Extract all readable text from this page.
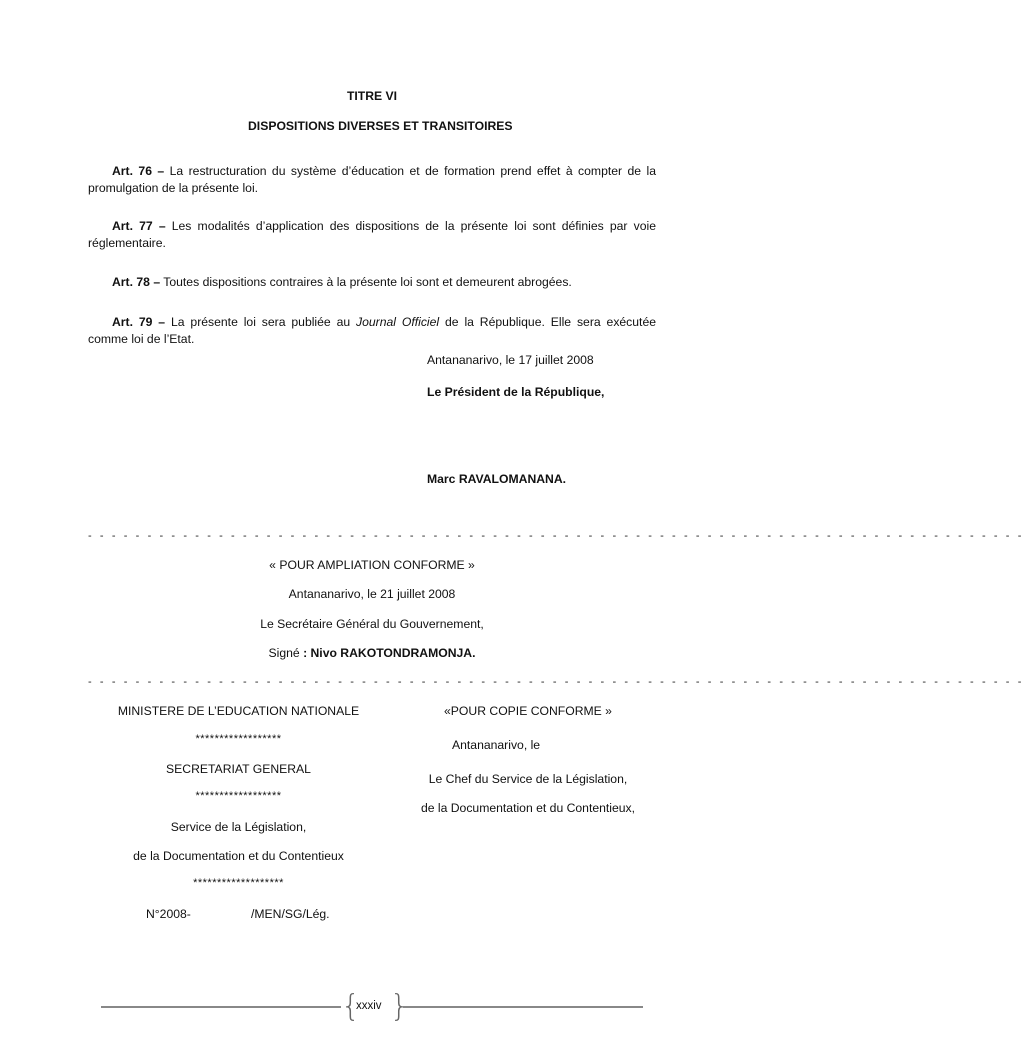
TITRE VI
DISPOSITIONS DIVERSES ET TRANSITOIRES
Art. 76 – La restructuration du système d’éducation et de formation prend effet à compter de la promulgation de la présente loi.
Art. 77 – Les modalités d’application des dispositions de la présente loi sont définies par voie réglementaire.
Art. 78 – Toutes dispositions contraires à la présente loi sont et demeurent abrogées.
Art. 79 – La présente loi sera publiée au Journal Officiel de la République. Elle sera exécutée comme loi de l’Etat.
Antananarivo, le 17 juillet 2008
Le Président de la République,
Marc RAVALOMANANA.
- - - - - - - - - - - - - - - - - - - - - - - - - - - - - - - - - - - - - - - - - - - - - - - - - - - - - - - - - - - - - - - - - - - - - - - - - - - - - - -
« POUR AMPLIATION CONFORME »
Antananarivo, le 21 juillet 2008
Le Secrétaire Général du Gouvernement,
Signé : Nivo RAKOTONDRAMONJA.
- - - - - - - - - - - - - - - - - - - - - - - - - - - - - - - - - - - - - - - - - - - - - - - - - - - - - - - - - - - - - - - - - - - - - - - - - - - - - - -
MINISTERE DE L’EDUCATION NATIONALE
******************
SECRETARIAT GENERAL
******************
Service de la Législation,
de la Documentation et du Contentieux
*******************
N°2008-	/MEN/SG/Lég.
«POUR COPIE CONFORME »
Antananarivo, le
Le Chef du Service de la Législation,
de la Documentation et du Contentieux,
{ }
xxxiv
